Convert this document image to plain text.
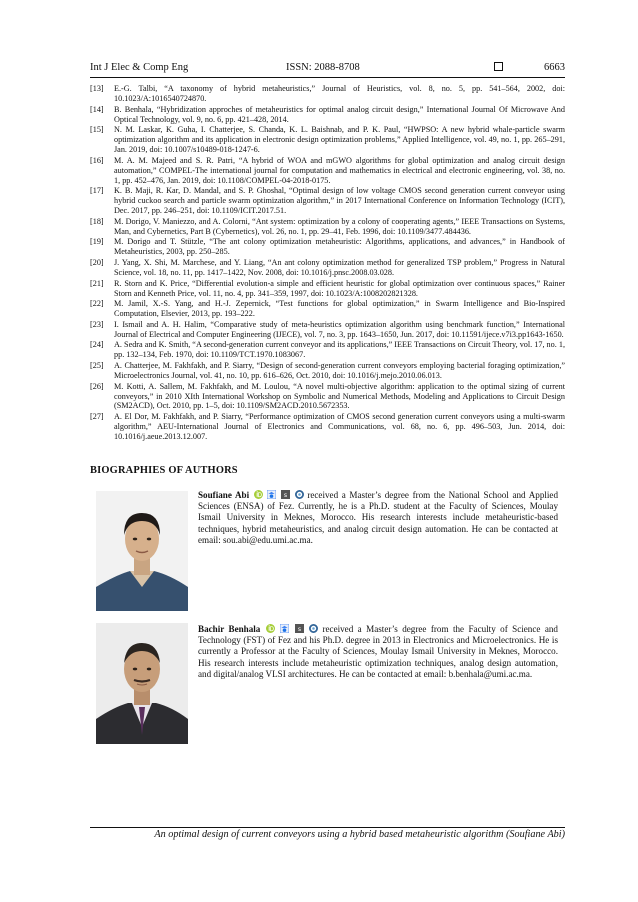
Int J Elec & Comp Eng	ISSN: 2088-8708	6663
[13]	E.-G. Talbi, “A taxonomy of hybrid metaheuristics,” Journal of Heuristics, vol. 8, no. 5, pp. 541–564, 2002, doi: 10.1023/A:1016540724870.
[14]	B. Benhala, “Hybridization approches of metaheuristics for optimal analog circuit design,” International Journal Of Microwave And Optical Technology, vol. 9, no. 6, pp. 421–428, 2014.
[15]	N. M. Laskar, K. Guha, I. Chatterjee, S. Chanda, K. L. Baishnab, and P. K. Paul, “HWPSO: A new hybrid whale-particle swarm optimization algorithm and its application in electronic design optimization problems,” Applied Intelligence, vol. 49, no. 1, pp. 265–291, Jan. 2019, doi: 10.1007/s10489-018-1247-6.
[16]	M. A. M. Majeed and S. R. Patri, “A hybrid of WOA and mGWO algorithms for global optimization and analog circuit design automation,” COMPEL-The international journal for computation and mathematics in electrical and electronic engineering, vol. 38, no. 1, pp. 452–476, Jan. 2019, doi: 10.1108/COMPEL-04-2018-0175.
[17]	K. B. Maji, R. Kar, D. Mandal, and S. P. Ghoshal, “Optimal design of low voltage CMOS second generation current conveyor using hybrid cuckoo search and particle swarm optimization algorithm,” in 2017 International Conference on Information Technology (ICIT), Dec. 2017, pp. 246–251, doi: 10.1109/ICIT.2017.51.
[18]	M. Dorigo, V. Maniezzo, and A. Colorni, “Ant system: optimization by a colony of cooperating agents,” IEEE Transactions on Systems, Man, and Cybernetics, Part B (Cybernetics), vol. 26, no. 1, pp. 29–41, Feb. 1996, doi: 10.1109/3477.484436.
[19]	M. Dorigo and T. Stützle, “The ant colony optimization metaheuristic: Algorithms, applications, and advances,” in Handbook of Metaheuristics, 2003, pp. 250–285.
[20]	J. Yang, X. Shi, M. Marchese, and Y. Liang, “An ant colony optimization method for generalized TSP problem,” Progress in Natural Science, vol. 18, no. 11, pp. 1417–1422, Nov. 2008, doi: 10.1016/j.pnsc.2008.03.028.
[21]	R. Storn and K. Price, “Differential evolution-a simple and efficient heuristic for global optimization over continuous spaces,” Rainer Storn and Kenneth Price, vol. 11, no. 4, pp. 341–359, 1997, doi: 10.1023/A:1008202821328.
[22]	M. Jamil, X.-S. Yang, and H.-J. Zepernick, “Test functions for global optimization,” in Swarm Intelligence and Bio-Inspired Computation, Elsevier, 2013, pp. 193–222.
[23]	I. Ismail and A. H. Halim, “Comparative study of meta-heuristics optimization algorithm using benchmark function,” International Journal of Electrical and Computer Engineering (IJECE), vol. 7, no. 3, pp. 1643–1650, Jun. 2017, doi: 10.11591/ijece.v7i3.pp1643-1650.
[24]	A. Sedra and K. Smith, “A second-generation current conveyor and its applications,” IEEE Transactions on Circuit Theory, vol. 17, no. 1, pp. 132–134, Feb. 1970, doi: 10.1109/TCT.1970.1083067.
[25]	A. Chatterjee, M. Fakhfakh, and P. Siarry, “Design of second-generation current conveyors employing bacterial foraging optimization,” Microelectronics Journal, vol. 41, no. 10, pp. 616–626, Oct. 2010, doi: 10.1016/j.mejo.2010.06.013.
[26]	M. Kotti, A. Sallem, M. Fakhfakh, and M. Loulou, “A novel multi-objective algorithm: application to the optimal sizing of current conveyors,” in 2010 XIth International Workshop on Symbolic and Numerical Methods, Modeling and Applications to Circuit Design (SM2ACD), Oct. 2010, pp. 1–5, doi: 10.1109/SM2ACD.2010.5672353.
[27]	A. El Dor, M. Fakhfakh, and P. Siarry, “Performance optimization of CMOS second generation current conveyors using a multi-swarm algorithm,” AEU-International Journal of Electronics and Communications, vol. 68, no. 6, pp. 496–503, Jun. 2014, doi: 10.1016/j.aeue.2013.12.007.
BIOGRAPHIES OF AUTHORS
Soufiane Abi	s received a Master’s degree from the National School and Applied Sciences (ENSA) of Fez. Currently, he is a Ph.D. student at the Faculty of Sciences, Moulay Ismail University in Meknes, Morocco. His research interests include metaheuristic-based techniques, hybrid metaheuristics, and analog circuit design automation. He can be contacted at email: sou.abi@edu.umi.ac.ma.
Bachir Benhala	s received a Master’s degree from the Faculty of Science and Technology (FST) of Fez and his Ph.D. degree in 2013 in Electronics and Microelectronics. He is currently a Professor at the Faculty of Sciences, Moulay Ismail University in Meknes, Morocco. His research interests include metaheuristic optimization techniques, analog design automation, and digital/analog VLSI architectures. He can be contacted at email: b.benhala@umi.ac.ma.
An optimal design of current conveyors using a hybrid based metaheuristic algorithm (Soufiane Abi)
